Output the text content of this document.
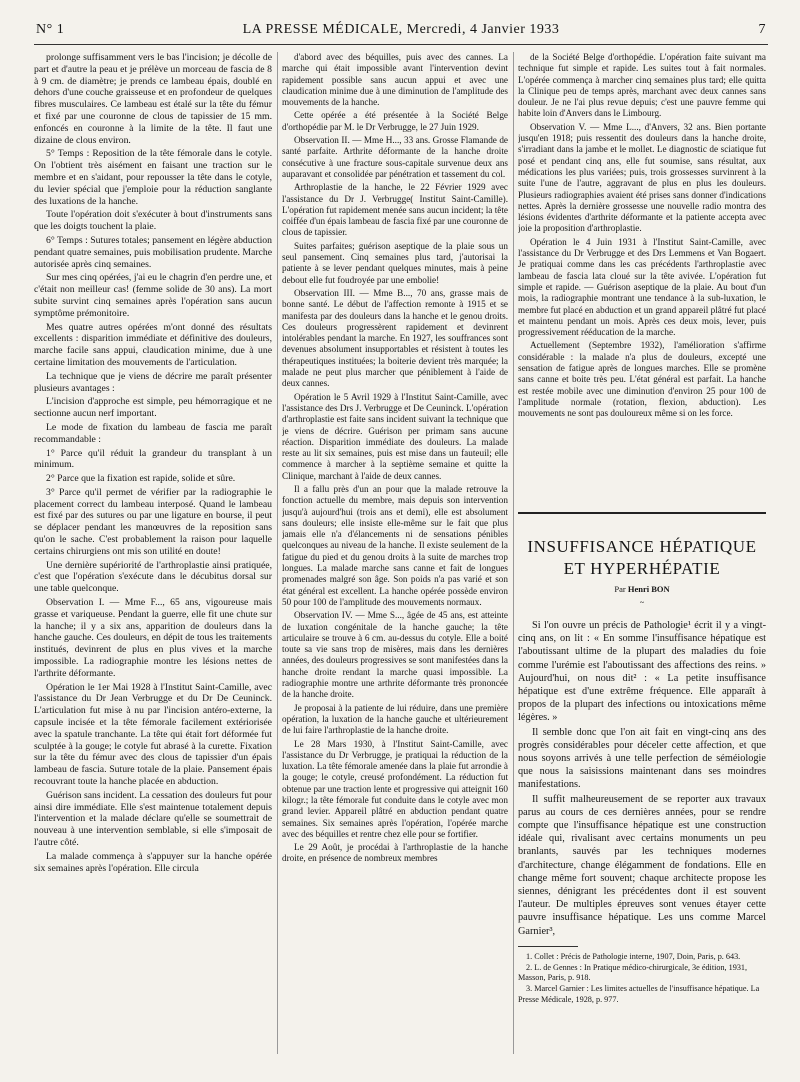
N° 1	LA PRESSE MÉDICALE, Mercredi, 4 Janvier 1933	7

prolonge suffisamment vers le bas l'incision; je décolle de part et d'autre la peau et je prélève un morceau de fascia de 8 à 9 cm. de diamètre; je prends ce lambeau épais, doublé en dehors d'une couche graisseuse et en profondeur de quelques fibres musculaires. Ce lambeau est étalé sur la tête du fémur et fixé par une couronne de clous de tapissier de 15 mm. enfoncés en couronne à la limite de la tête. Il faut une dizaine de clous environ.

5° Temps : Reposition de la tête fémorale dans le cotyle. On l'obtient très aisément en faisant une traction sur le membre et en s'aidant, pour repousser la tête dans le cotyle, du levier spécial que j'emploie pour la réduction sanglante des luxations de la hanche.

Toute l'opération doit s'exécuter à bout d'instruments sans que les doigts touchent la plaie.

6° Temps : Sutures totales; pansement en légère abduction pendant quatre semaines, puis mobilisation prudente. Marche autorisée après cinq semaines.

Sur mes cinq opérées, j'ai eu le chagrin d'en perdre une, et c'était non meilleur cas! (femme solide de 30 ans). La mort subite survint cinq semaines après l'opération sans aucun symptôme prémonitoire.

Mes quatre autres opérées m'ont donné des résultats excellents : disparition immédiate et définitive des douleurs, marche facile sans appui, claudication minime, due à une certaine limitation des mouvements de l'articulation.

La technique que je viens de décrire me paraît présenter plusieurs avantages :

L'incision d'approche est simple, peu hémorragique et ne sectionne aucun nerf important.

Le mode de fixation du lambeau de fascia me paraît recommandable :

1° Parce qu'il réduit la grandeur du transplant à un minimum.

2° Parce que la fixation est rapide, solide et sûre.

3° Parce qu'il permet de vérifier par la radiographie le placement correct du lambeau interposé. Quand le lambeau est fixé par des sutures ou par une ligature en bourse, il peut se déplacer pendant les manœuvres de la reposition sans qu'on le sache. C'est probablement la raison pour laquelle certains chirurgiens ont mis son utilité en doute!

Une dernière supériorité de l'arthroplastie ainsi pratiquée, c'est que l'opération s'exécute dans le décubitus dorsal sur une table quelconque.

Observation I. — Mme F..., 65 ans, vigoureuse mais grasse et variqueuse. Pendant la guerre, elle fit une chute sur la hanche; il y a six ans, apparition de douleurs dans la hanche gauche. Ces douleurs, en dépit de tous les traitements institués, devinrent de plus en plus vives et la marche impossible. La radiographie montre les lésions nettes de l'arthrite déformante.

Opération le 1er Mai 1928 à l'Institut Saint-Camille, avec l'assistance du Dr Jean Verbrugge et du Dr De Ceuninck. L'articulation fut mise à nu par l'incision antéro-externe, la capsule incisée et la tête fémorale facilement extériorisée avec la spatule tranchante. La tête qui était fort déformée fut sculptée à la gouge; le cotyle fut abrasé à la curette. Fixation sur la tête du fémur avec des clous de tapissier d'un épais lambeau de fascia. Suture totale de la plaie. Pansement épais recouvrant toute la hanche placée en abduction.

Guérison sans incident. La cessation des douleurs fut pour ainsi dire immédiate. Elle s'est maintenue totalement depuis l'intervention et la malade déclare qu'elle se soumettrait de nouveau à une intervention semblable, si elle s'imposait de l'autre côté.

La malade commença à s'appuyer sur la hanche opérée six semaines après l'opération. Elle circula

d'abord avec des béquilles, puis avec des cannes. La marche qui était impossible avant l'intervention devint rapidement possible sans aucun appui et avec une claudication minime due à une diminution de l'amplitude des mouvements de la hanche.

Cette opérée a été présentée à la Société Belge d'orthopédie par M. le Dr Verbrugge, le 27 Juin 1929.

Observation II. — Mme H..., 33 ans. Grosse Flamande de santé parfaite. Arthrite déformante de la hanche droite consécutive à une fracture sous-capitale survenue deux ans auparavant et consolidée par pénétration et tassement du col.

Arthroplastie de la hanche, le 22 Février 1929 avec l'assistance du Dr J. Verbrugge( Institut Saint-Camille). L'opération fut rapidement menée sans aucun incident; la tête coiffée d'un épais lambeau de fascia fixé par une couronne de clous de tapissier.

Suites parfaites; guérison aseptique de la plaie sous un seul pansement. Cinq semaines plus tard, j'autorisai la patiente à se lever pendant quelques minutes, mais à peine debout elle fut foudroyée par une embolie!

Observation III. — Mme B..., 70 ans, grasse mais de bonne santé. Le début de l'affection remonte à 1915 et se manifesta par des douleurs dans la hanche et le genou droits. Ces douleurs progressèrent rapidement et devinrent intolérables pendant la marche. En 1927, les souffrances sont devenues absolument insupportables et résistent à toutes les thérapeutiques instituées; la boiterie devient très marquée; la malade ne peut plus marcher que péniblement à l'aide de deux cannes.

Opération le 5 Avril 1929 à l'Institut Saint-Camille, avec l'assistance des Drs J. Verbrugge et De Ceuninck. L'opération d'arthroplastie est faite sans incident suivant la technique que je viens de décrire. Guérison per primam sans aucune réaction. Disparition immédiate des douleurs. La malade reste au lit six semaines, puis est mise dans un fauteuil; elle commence à marcher à la septième semaine et quitte la Clinique, marchant à l'aide de deux cannes.

Il a fallu près d'un an pour que la malade retrouve la fonction actuelle du membre, mais depuis son intervention jusqu'à aujourd'hui (trois ans et demi), elle est absolument sans douleurs; elle insiste elle-même sur le fait que plus jamais elle n'a d'élancements ni de sensations pénibles quelconques au niveau de la hanche. Il existe seulement de la fatigue du pied et du genou droits à la suite de marches trop longues. La malade marche sans canne et fait de longues promenades malgré son âge. Son poids n'a pas varié et son état général est excellent. La hanche opérée possède environ 50 pour 100 de l'amplitude des mouvements normaux.

Observation IV. — Mme S..., âgée de 45 ans, est atteinte de luxation congénitale de la hanche gauche; la tête articulaire se trouve à 6 cm. au-dessus du cotyle. Elle a boité toute sa vie sans trop de misères, mais dans les dernières années, des douleurs progressives se sont manifestées dans la hanche droite rendant la marche quasi impossible. La radiographie montre une arthrite déformante très prononcée de la hanche droite.

Je proposai à la patiente de lui réduire, dans une première opération, la luxation de la hanche gauche et ultérieurement de lui faire l'arthroplastie de la hanche droite.

Le 28 Mars 1930, à l'Institut Saint-Camille, avec l'assistance du Dr Verbrugge, je pratiquai la réduction de la luxation. La tête fémorale amenée dans la plaie fut arrondie à la gouge; le cotyle, creusé profondément. La réduction fut obtenue par une traction lente et progressive qui atteignit 160 kilogr.; la tête fémorale fut conduite dans le cotyle avec mon grand levier. Appareil plâtré en abduction pendant quatre semaines. Six semaines après l'opération, l'opérée marche avec des béquilles et rentre chez elle pour se fortifier.

Le 29 Août, je procédai à l'arthroplastie de la hanche droite, en présence de nombreux membres

de la Société Belge d'orthopédie. L'opération faite suivant ma technique fut simple et rapide. Les suites tout à fait normales. L'opérée commença à marcher cinq semaines plus tard; elle quitta la Clinique peu de temps après, marchant avec deux cannes sans douleur. Je ne l'ai plus revue depuis; c'est une pauvre femme qui habite loin d'Anvers dans le Limbourg.

Observation V. — Mme L..., d'Anvers, 32 ans. Bien portante jusqu'en 1918; puis ressentit des douleurs dans la hanche droite, s'irradiant dans la jambe et le mollet. Le diagnostic de sciatique fut posé et pendant cinq ans, elle fut soumise, sans résultat, aux médications les plus variées; puis, trois grossesses survinrent à la suite l'une de l'autre, aggravant de plus en plus les douleurs. Plusieurs radiographies avaient été prises sans donner d'indications nettes. Après la dernière grossesse une nouvelle radio montra des lésions évidentes d'arthrite déformante et la patiente accepta avec joie la proposition d'arthroplastie.

Opération le 4 Juin 1931 à l'Institut Saint-Camille, avec l'assistance du Dr Verbrugge et des Drs Lemmens et Van Bogaert. Je pratiquai comme dans les cas précédents l'arthroplastie avec lambeau de fascia lata cloué sur la tête avivée. L'opération fut simple et rapide. — Guérison aseptique de la plaie. Au bout d'un mois, la radiographie montrant une tendance à la sub-luxation, le membre fut placé en abduction et un grand appareil plâtré fut placé et maintenu pendant un mois. Après ces deux mois, lever, puis progressivement rééducation de la marche.

Actuellement (Septembre 1932), l'amélioration s'affirme considérable : la malade n'a plus de douleurs, excepté une sensation de fatigue après de longues marches. Elle se promène sans canne et boite très peu. L'état général est parfait. La hanche est restée mobile avec une diminution d'environ 25 pour 100 de l'amplitude normale (rotation, flexion, abduction). Les mouvements ne sont pas douloureux même si on les force.

INSUFFISANCE HÉPATIQUE
ET HYPERHÉPATIE
Par Henri BON
~

Si l'on ouvre un précis de Pathologie¹ écrit il y a vingt-cinq ans, on lit : « En somme l'insuffisance hépatique est l'aboutissant ultime de la plupart des maladies du foie comme l'urémie est l'aboutissant des affections des reins. » Aujourd'hui, on nous dit² : « La petite insuffisance hépatique est d'une extrême fréquence. Elle apparaît à propos de la plupart des infections ou intoxications même légères. »

Il semble donc que l'on ait fait en vingt-cinq ans des progrès considérables pour déceler cette affection, et que nous soyons arrivés à une telle perfection de séméiologie que nous la saisissions maintenant dans ses moindres manifestations.

Il suffit malheureusement de se reporter aux travaux parus au cours de ces dernières années, pour se rendre compte que l'insuffisance hépatique est une construction idéale qui, rivalisant avec certains monuments un peu branlants, sauvés par les techniques modernes d'architecture, change élégamment de fondations. Elle en change même fort souvent; chaque architecte propose les siennes, dénigrant les précédentes dont il est souvent l'auteur. De multiples épreuves sont venues étayer cette pauvre insuffisance hépatique. Les uns comme Marcel Garnier³,

1. Collet : Précis de Pathologie interne, 1907, Doin, Paris, p. 643.

2. L. de Gennes : In Pratique médico-chirurgicale, 3e édition, 1931, Masson, Paris, p. 918.

3. Marcel Garnier : Les limites actuelles de l'insuffisance hépatique. La Presse Médicale, 1928, p. 977.
